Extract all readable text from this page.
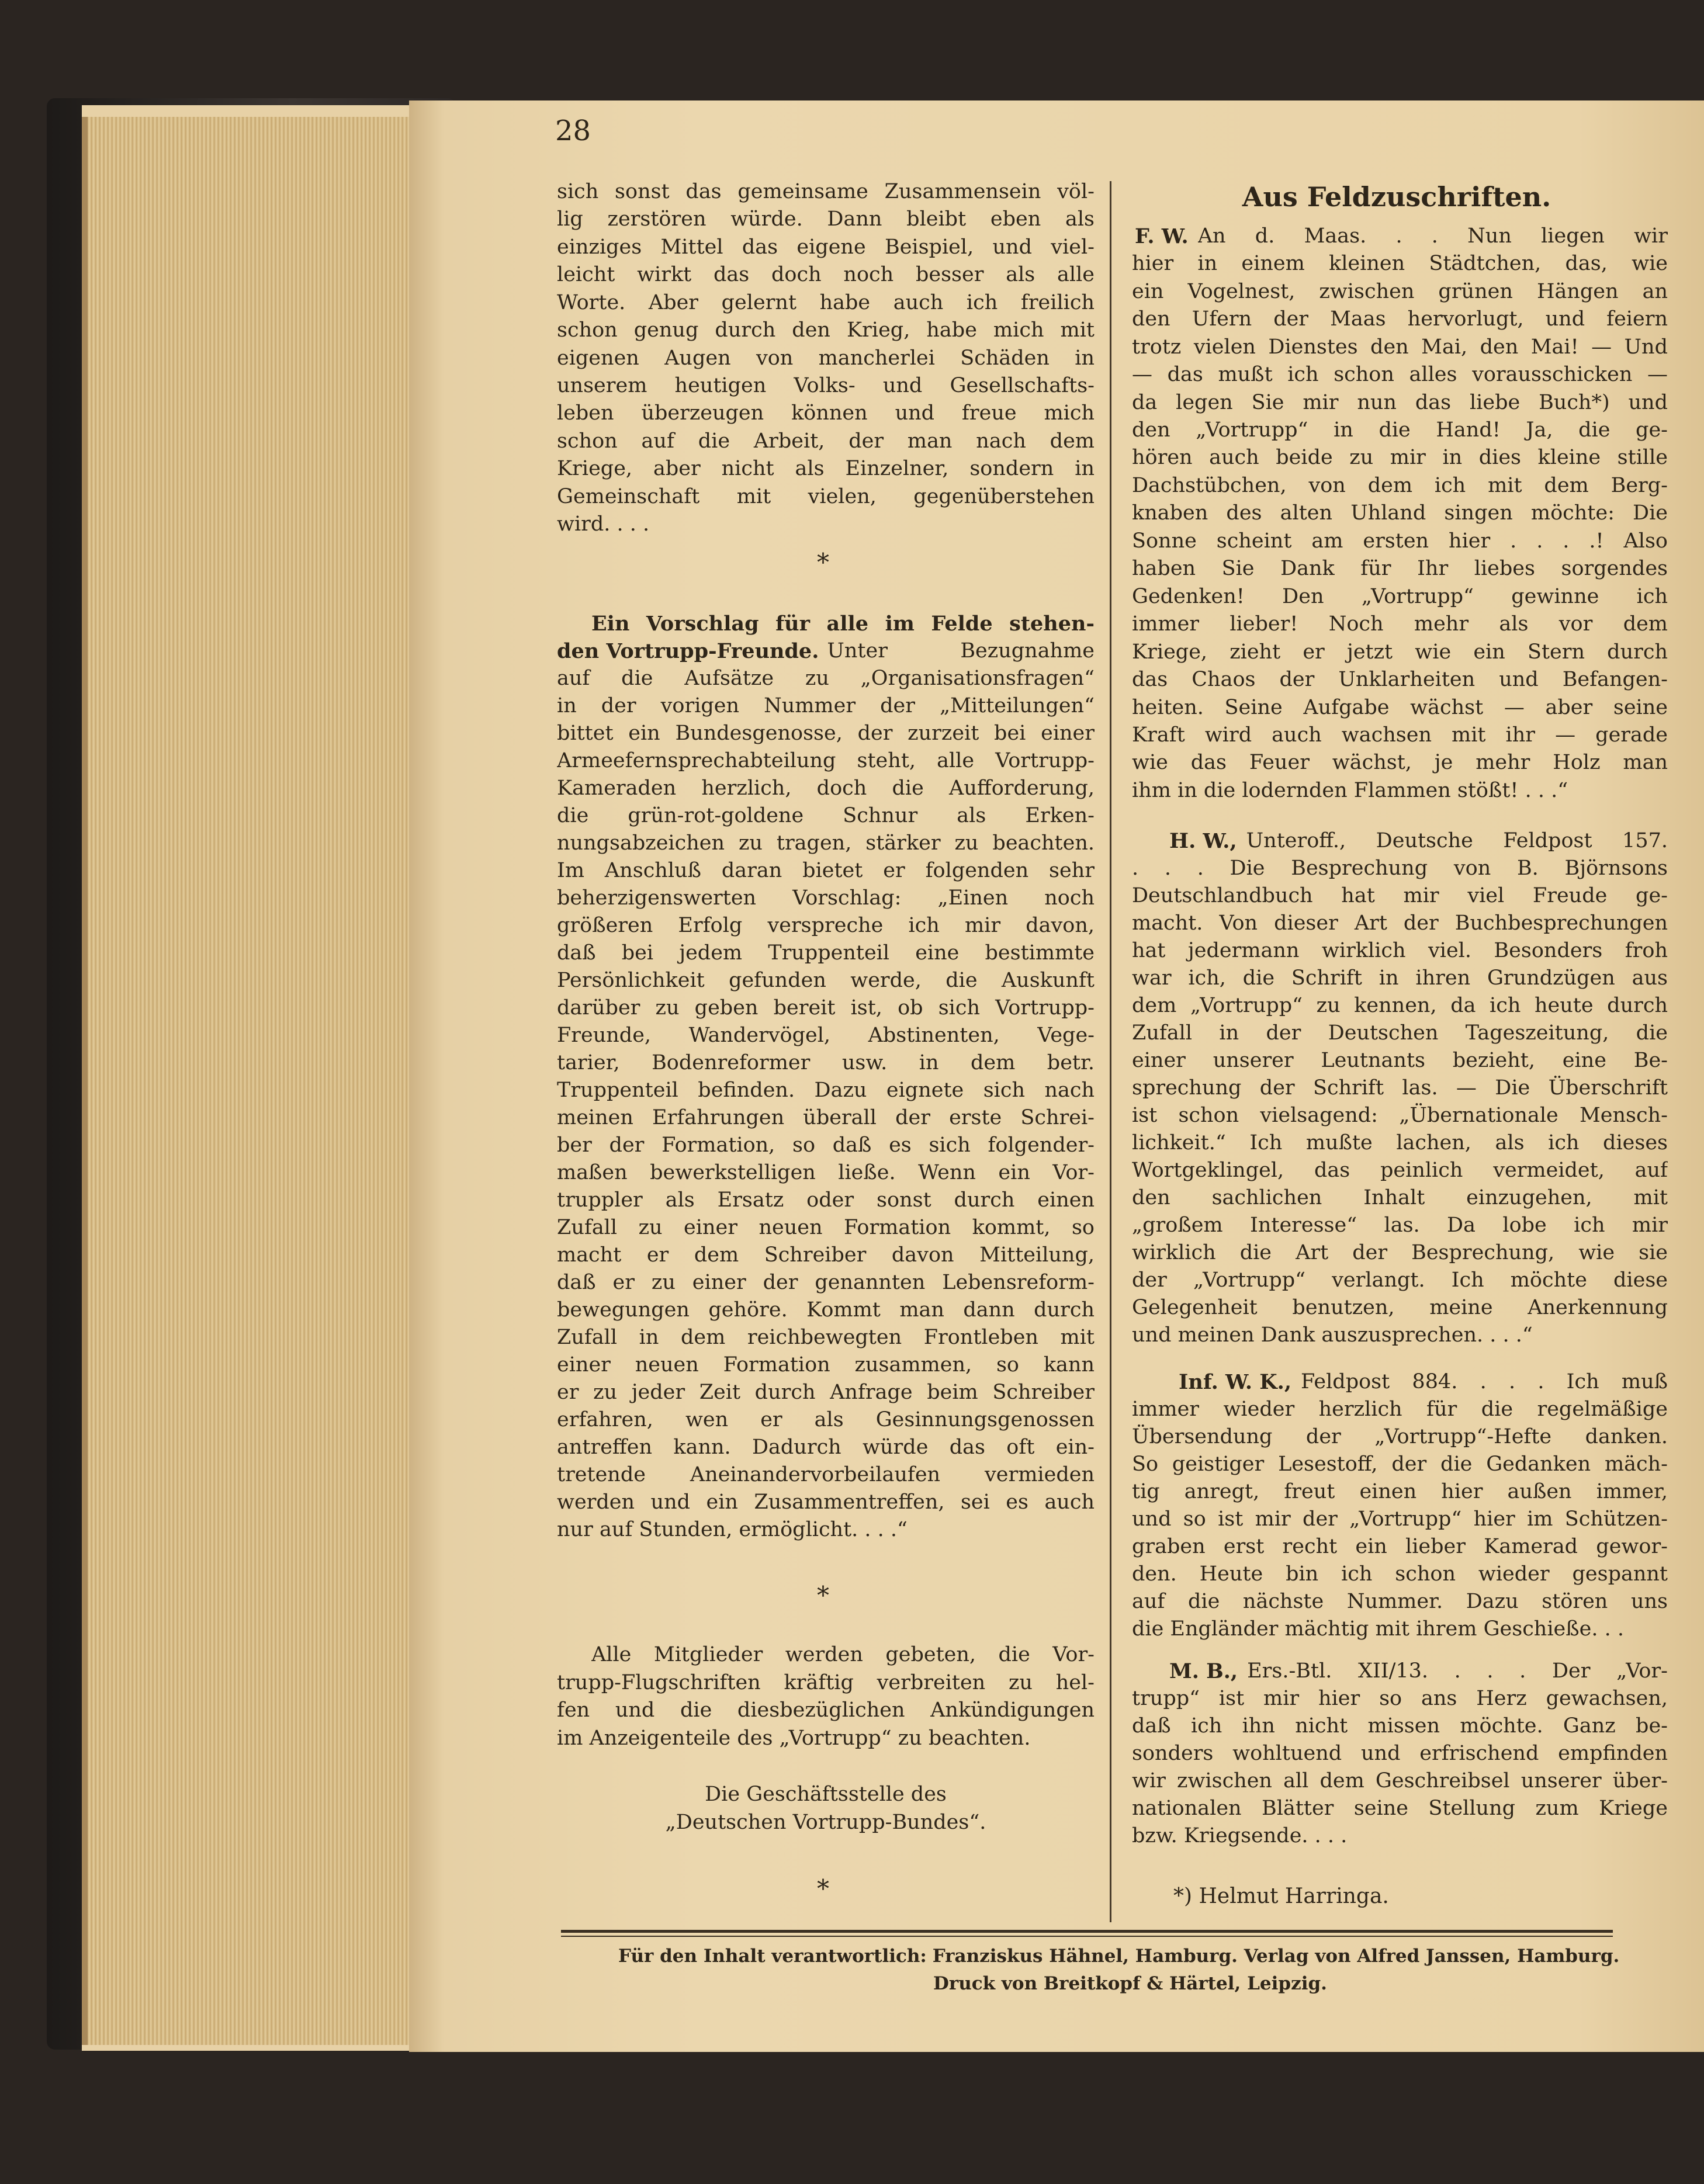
28
sich sonst das gemeinsame Zusammensein völ-
lig zerstören würde. Dann bleibt eben als
einziges Mittel das eigene Beispiel, und viel-
leicht wirkt das doch noch besser als alle
Worte. Aber gelernt habe auch ich freilich
schon genug durch den Krieg, habe mich mit
eigenen Augen von mancherlei Schäden in
unserem heutigen Volks- und Gesellschafts-
leben überzeugen können und freue mich
schon auf die Arbeit, der man nach dem
Kriege, aber nicht als Einzelner, sondern in
Gemeinschaft mit vielen, gegenüberstehen
wird. . . .
*
Ein Vorschlag für alle im Felde stehen-
den Vortrupp-Freunde. Unter Bezugnahme
auf die Aufsätze zu „Organisationsfragen“
in der vorigen Nummer der „Mitteilungen“
bittet ein Bundesgenosse, der zurzeit bei einer
Armeefernsprechabteilung steht, alle Vortrupp-
Kameraden herzlich, doch die Aufforderung,
die grün-rot-goldene Schnur als Erken-
nungsabzeichen zu tragen, stärker zu beachten.
Im Anschluß daran bietet er folgenden sehr
beherzigenswerten Vorschlag: „Einen noch
größeren Erfolg verspreche ich mir davon,
daß bei jedem Truppenteil eine bestimmte
Persönlichkeit gefunden werde, die Auskunft
darüber zu geben bereit ist, ob sich Vortrupp-
Freunde, Wandervögel, Abstinenten, Vege-
tarier, Bodenreformer usw. in dem betr.
Truppenteil befinden. Dazu eignete sich nach
meinen Erfahrungen überall der erste Schrei-
ber der Formation, so daß es sich folgender-
maßen bewerkstelligen ließe. Wenn ein Vor-
truppler als Ersatz oder sonst durch einen
Zufall zu einer neuen Formation kommt, so
macht er dem Schreiber davon Mitteilung,
daß er zu einer der genannten Lebensreform-
bewegungen gehöre. Kommt man dann durch
Zufall in dem reichbewegten Frontleben mit
einer neuen Formation zusammen, so kann
er zu jeder Zeit durch Anfrage beim Schreiber
erfahren, wen er als Gesinnungsgenossen
antreffen kann. Dadurch würde das oft ein-
tretende Aneinandervorbeilaufen vermieden
werden und ein Zusammentreffen, sei es auch
nur auf Stunden, ermöglicht. . . .“
*
Alle Mitglieder werden gebeten, die Vor-
trupp-Flugschriften kräftig verbreiten zu hel-
fen und die diesbezüglichen Ankündigungen
im Anzeigenteile des „Vortrupp“ zu beachten.
Die Geschäftsstelle des
„Deutschen Vortrupp-Bundes“.
*
Aus Feldzuschriften.
F. W. An d. Maas. . . Nun liegen wir
hier in einem kleinen Städtchen, das, wie
ein Vogelnest, zwischen grünen Hängen an
den Ufern der Maas hervorlugt, und feiern
trotz vielen Dienstes den Mai, den Mai! — Und
— das mußt ich schon alles vorausschicken —
da legen Sie mir nun das liebe Buch*) und
den „Vortrupp“ in die Hand! Ja, die ge-
hören auch beide zu mir in dies kleine stille
Dachstübchen, von dem ich mit dem Berg-
knaben des alten Uhland singen möchte: Die
Sonne scheint am ersten hier . . . .! Also
haben Sie Dank für Ihr liebes sorgendes
Gedenken! Den „Vortrupp“ gewinne ich
immer lieber! Noch mehr als vor dem
Kriege, zieht er jetzt wie ein Stern durch
das Chaos der Unklarheiten und Befangen-
heiten. Seine Aufgabe wächst — aber seine
Kraft wird auch wachsen mit ihr — gerade
wie das Feuer wächst, je mehr Holz man
ihm in die lodernden Flammen stößt! . . .“
H. W., Unteroff., Deutsche Feldpost 157.
. . . Die Besprechung von B. Björnsons
Deutschlandbuch hat mir viel Freude ge-
macht. Von dieser Art der Buchbesprechungen
hat jedermann wirklich viel. Besonders froh
war ich, die Schrift in ihren Grundzügen aus
dem „Vortrupp“ zu kennen, da ich heute durch
Zufall in der Deutschen Tageszeitung, die
einer unserer Leutnants bezieht, eine Be-
sprechung der Schrift las. — Die Überschrift
ist schon vielsagend: „Übernationale Mensch-
lichkeit.“ Ich mußte lachen, als ich dieses
Wortgeklingel, das peinlich vermeidet, auf
den sachlichen Inhalt einzugehen, mit
„großem Interesse“ las. Da lobe ich mir
wirklich die Art der Besprechung, wie sie
der „Vortrupp“ verlangt. Ich möchte diese
Gelegenheit benutzen, meine Anerkennung
und meinen Dank auszusprechen. . . .“
Inf. W. K., Feldpost 884. . . . Ich muß
immer wieder herzlich für die regelmäßige
Übersendung der „Vortrupp“-Hefte danken.
So geistiger Lesestoff, der die Gedanken mäch-
tig anregt, freut einen hier außen immer,
und so ist mir der „Vortrupp“ hier im Schützen-
graben erst recht ein lieber Kamerad gewor-
den. Heute bin ich schon wieder gespannt
auf die nächste Nummer. Dazu stören uns
die Engländer mächtig mit ihrem Geschieße. . .
M. B., Ers.-Btl. XII/13. . . . Der „Vor-
trupp“ ist mir hier so ans Herz gewachsen,
daß ich ihn nicht missen möchte. Ganz be-
sonders wohltuend und erfrischend empfinden
wir zwischen all dem Geschreibsel unserer über-
nationalen Blätter seine Stellung zum Kriege
bzw. Kriegsende. . . .
*) Helmut Harringa.
Für den Inhalt verantwortlich: Franziskus Hähnel, Hamburg. Verlag von Alfred Janssen, Hamburg.
Druck von Breitkopf & Härtel, Leipzig.
